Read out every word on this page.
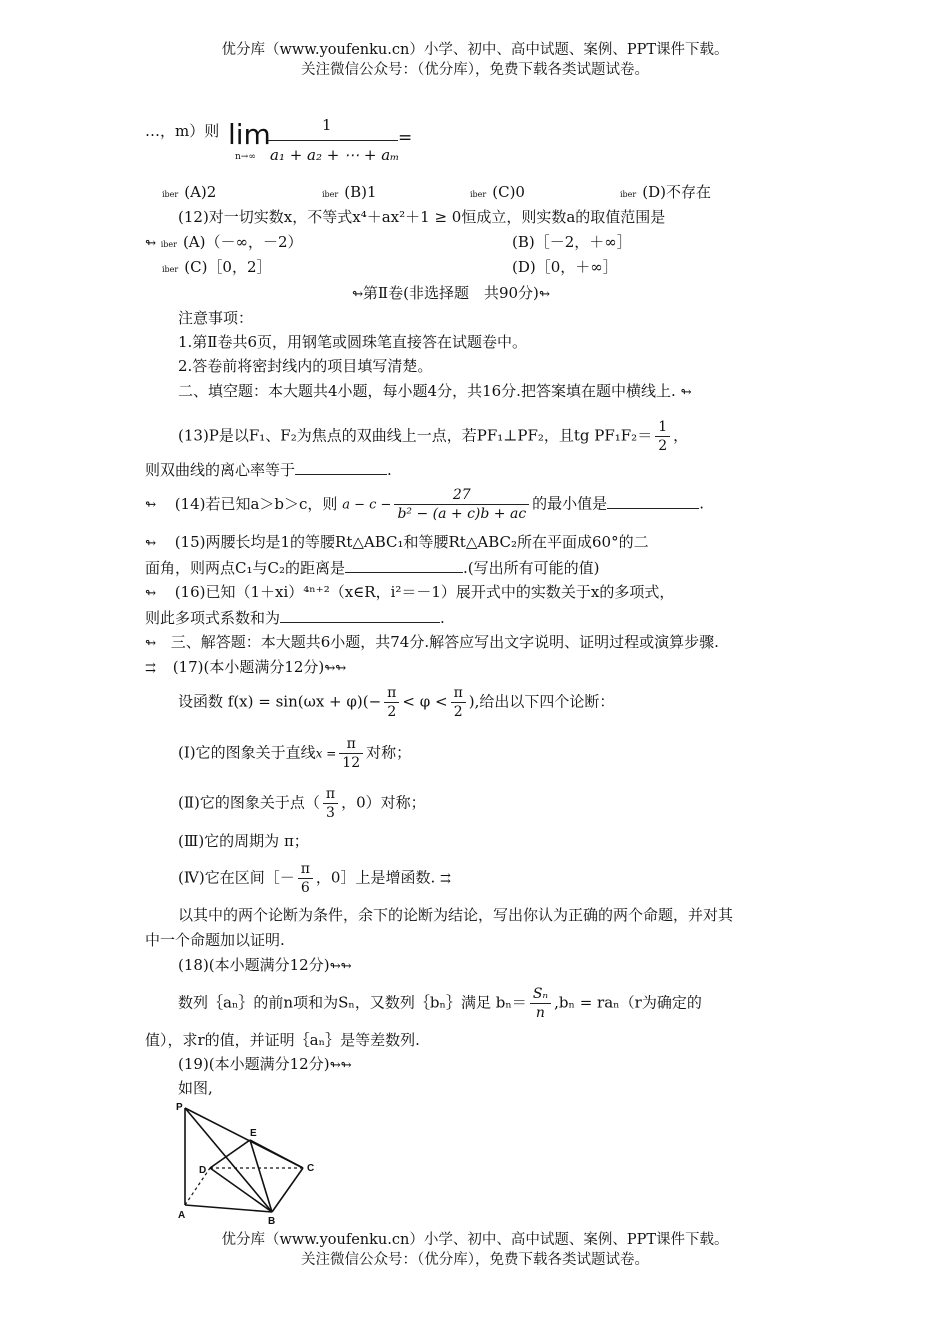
优分库（www.youfenku.cn）小学、初中、高中试题、案例、PPT课件下载。
关注微信公众号：（优分库），免费下载各类试题试卷。
…，m）则 lim
n→∞
1
a₁ + a₂ + ⋯ + aₘ
=
iber (A)2	iber (B)1	iber (C)0	iber (D)不存在
(12)对一切实数x，不等式x⁴＋ax²＋1 ≥ 0恒成立，则实数a的取值范围是
↬ iber (A)（－∞，－2）	(B)［－2，＋∞］
iber (C)［0，2］	(D)［0，＋∞］
↬第Ⅱ卷(非选择题　共90分)↬
注意事项：
1.第Ⅱ卷共6页，用钢笔或圆珠笔直接答在试题卷中。
2.答卷前将密封线内的项目填写清楚。
二、填空题：本大题共4小题，每小题4分，共16分.把答案填在题中横线上. ↬
(13)P是以F₁、F₂为焦点的双曲线上一点，若PF₁⊥PF₂，且tg $PF_1F_2= \frac{1}{2}$ ，
则双曲线的离心率等于	.
↬ (14)若已知a＞b＞c，则 $a - c - \frac{27}{\text{b² − (a + c)b + ac}}$ 的最小值是	.
↬ (15)两腰长均是1的等腰Rt△ABC₁和等腰Rt△ABC₂所在平面成60°的二
面角，则两点C₁与C₂的距离是	.(写出所有可能的值)
↬ (16)已知（1＋xi）⁴ⁿ⁺²（x∈R，i²＝－1）展开式中的实数关于x的多项式，
则此多项式系数和为	.
↬ 三、解答题：本大题共6小题，共74分.解答应写出文字说明、证明过程或演算步骤.
⇉ (17)(本小题满分12分)↬↬
设函数 $f(x) = \sin(\omega x + \varphi)(- \frac{\pi}{2} < \varphi < \frac{\pi}{2}$ ),给出以下四个论断：
(Ⅰ)它的图象关于直线$x = \frac{\pi}{12}$ 对称；
(Ⅱ)它的图象关于点（ $\frac{\pi}{3}$ ，0）对称；
(Ⅲ)它的周期为 π；
(Ⅳ)它在区间［－ $\frac{\pi}{6}$ ，0］上是增函数. ⇉
以其中的两个论断为条件，余下的论断为结论，写出你认为正确的两个命题，并对其
中一个命题加以证明.
(18)(本小题满分12分)↬↬
数列｛aₙ｝的前n项和为Sₙ，又数列｛bₙ｝满足 $b_n= \frac{\text{Sₙ}}{n} ,b_n = ra_n(r$为确定的
值），求r的值，并证明｛aₙ｝是等差数列.
(19)(本小题满分12分)↬↬
如图,
P
E
D	C
A
B
优分库（www.youfenku.cn）小学、初中、高中试题、案例、PPT课件下载。
关注微信公众号：（优分库），免费下载各类试题试卷。
